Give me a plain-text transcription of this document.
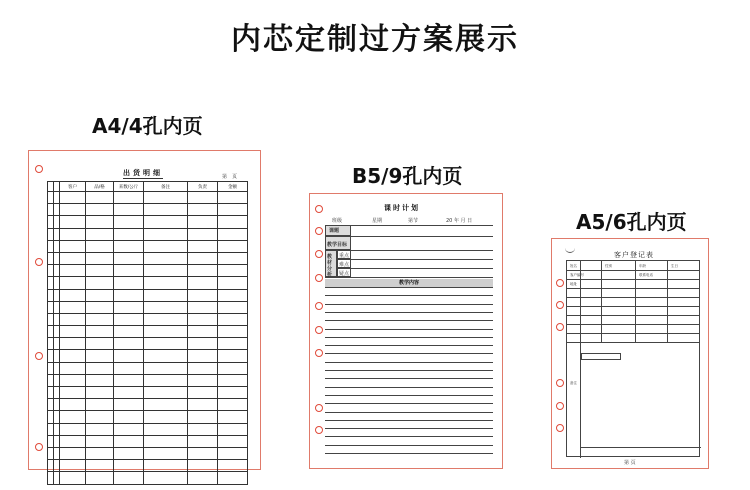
内芯定制过方案展示
A4/4孔内页
出货明细	第　页
		客户	品/格	来数/公斤	备注	负责	金额

								B5/9孔内页
课时计划
班级	星期	第节	20 年 月 日
课题
教学目标
教材分析
重点
难点
疑点
教学内容
A5/6孔内页
客户登记表
姓名	性别	年龄	生日
客户编号	联系电话
地址
备注
第 页
